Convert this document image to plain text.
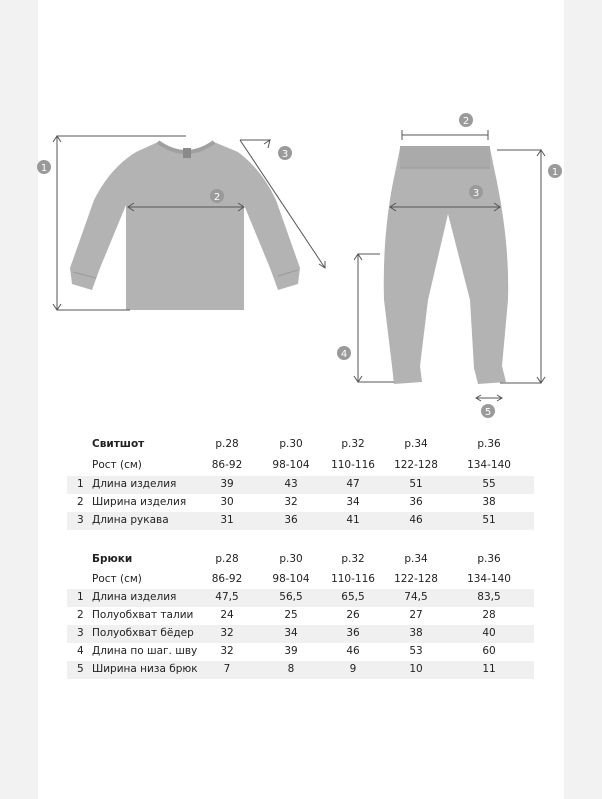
1
2
3
2
3
1
4
5
Свитшот	р.28	р.30	р.32	р.34	р.36
Рост (см)	86-92	98-104	110-116	122-128	134-140
1 Длина изделия	39	43	47	51	55
2 Ширина изделия	30	32	34	36	38
3 Длина рукава	31	36	41	46	51
Брюки	р.28	р.30	р.32	р.34	р.36
Рост (см)	86-92	98-104	110-116	122-128	134-140
1 Длина изделия	47,5	56,5	65,5	74,5	83,5
2 Полуобхват талии	24	25	26	27	28
3 Полуобхват бёдер	32	34	36	38	40
4 Длина по шаг. шву	32	39	46	53	60
5 Ширина низа брюк	7	8	9	10	11
